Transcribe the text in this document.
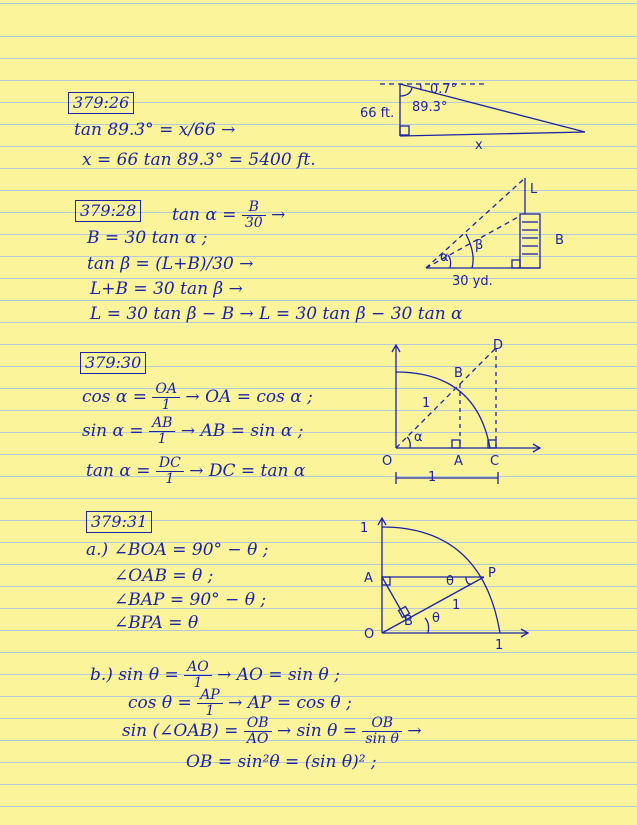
379:26
tan 89.3° = x/66 →
x = 66 tan 89.3° = 5400 ft.
0.7°
89.3°
66 ft.
x
379:28 $\tan \alpha = \frac{B}{30}$ →
B = 30 tan α ;
tan β = (L+B)/30 →
L+B = 30 tan β →
L = 30 tan β − B → L = 30 tan β − 30 tan α
L
B
α
β
30 yd.
379:30
$\cos \alpha = \frac{OA}{1}$ → OA = cos α ;
$\sin \alpha = \frac{AB}{1}$ → AB = sin α ;
$\tan \alpha = \frac{DC}{1}$ → DC = tan α
D
B
O	A C
1
1
α
379:31
a.) ∠BOA = 90° − θ ;
∠OAB = θ ;
∠BAP = 90° − θ ;
∠BPA = θ
1
A	P
O
B
θ
θ
1
1
b.) $\sin \theta = \frac{AO}{1}$ → AO = sin θ ;
$\cos \theta = \frac{AP}{1}$ → AP = cos θ ;
sin (∠OAB) = $\frac{OB}{AO} \to \sin \theta = \frac{OB}{\text{sin θ}}$ →
OB = sin²θ = (sin θ)² ;
